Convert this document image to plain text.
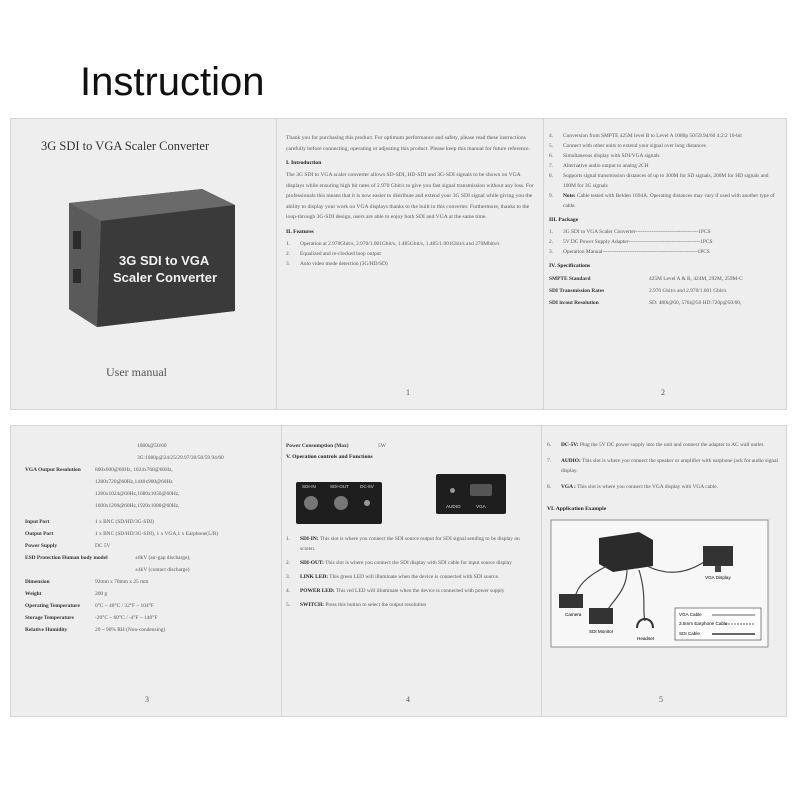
Instruction

3G SDI to VGA Scaler Converter

3G SDI to VGA
Scaler Converter
User manual

Thank you for purchasing this product. For optimum performance and safety, please read these instructions carefully before connecting, operating or adjusting this product. Please keep this manual for future reference.

I. Introduction

The 3G SDI to VGA scaler converter allows SD-SDI, HD-SDI and 3G-SDI signals to be shown on VGA displays while ensuring high bit rates of 2.970 Gbit/s to give you fast signal transmission without any loss. For professionals this means that it is now easier to distribute and extend your 3G SDI signal while giving you the ability to display your work on VGA displays thanks to the built in this converter. Furthermore, thanks to the loop-through 3G-SDI design, users are able to enjoy both SDI and VGA at the same time.

II. Features

1.	Operation at 2.970Gbit/s, 2.970/1.001Gbit/s, 1.485Gbit/s, 1.485/1.001Gbit/s and 270Mbits/s
2.	Equalized and re-clocked loop output
3.	Auto video mode detection (3G/HD/SD)
1
4.	Conversion from SMPTE 425M level B to Level A 1080p 50/59.94/60 4:2:2 10-bit
5.	Connect with other units to extend your signal over long distances
6.	Simultaneous display with SDI/VGA signals
7.	Alternative audio output to analog 2CH
8.	Supports signal transmission distances of up to 300M for SD signals, 200M for HD signals and 100M for 3G signals
9.	Note: Cable tested with Belden 1694A. Operating distances may vary if used with another type of cable.

III. Package

1.	3G SDI to VGA Scaler Converter-----------------------------------1PCS
2.	5V DC Power Supply Adapter----------------------------------------1PCS
3.	Operation Manual-----------------------------------------------------1PCS

IV. Specifications

SMPTE Standard	425M Level A & B, 424M, 292M, 259M-C
SDI Transmission Rates	2.970 Gbit/s and 2.970/1.001 Gbit/s
SDI in/out Resolution	SD: 480i@60, 576i@50 HD:720p@50/60,
2
1080i@50/60
3G:1080p@24/25/29.97/30/50/59.94/60
VGA Output Resolution	800x600@60Hz, 1024x768@60Hz,
1280x720@60Hz,1440x900@60Hz
1280x1024@60Hz,1680x1050@60Hz,
1600x1200@60Hz,1920x1080@60Hz,
Input Port	1 x BNC (SD/HD/3G-SDI)
Output Port	1 x BNC (SD/HD/3G-SDI), 1 x VGA,1 x Earphone(L/R)
Power Supply	DC 5V
ESD Protection Human body model	±8kV (air-gap discharge),
±4kV (contact discharge)
Dimension	92mm x 70mm x 25 mm
Weight	200 g
Operating Temperature	0°C ~ 40°C / 32°F ~ 104°F
Storage Temperature	-20°C ~ 60°C / -4°F ~ 140°F
Relative Humidity	20 ~ 90% RH (Non-condensing)
3
Power Consumption (Max)	5W

V. Operation controls and Functions

SDI-IN	SDI-OUT DC-5V
AUDIO	VGA
1.	SDI-IN: This slot is where you connect the SDI source output for SDI signal sending to be display on screen.
2.	SDI-OUT: This slot is where you connect the SDI display with SDI cable for input source display
3.	LINK LED: This green LED will illuminate when the device is connected with SDI source.
4.	POWER LED: This red LED will illuminate when the device is connected with power supply
5.	SWITCH: Press this button to select the output resolution
4
6.	DC-5V: Plug the 5V DC power supply into the unit and connect the adapter to AC wall outlet.
7.	AUDIO: This slot is where you connect the speaker or amplifier with earphone jack for audio signal display.
8.	VGA : This slot is where you connect the VGA display with VGA cable.

VI. Application Example

Camera
SDI Monitor
Headset
VGA Display
VGA Cable
3.5mm Earphone Cable
SDI Cable
5
